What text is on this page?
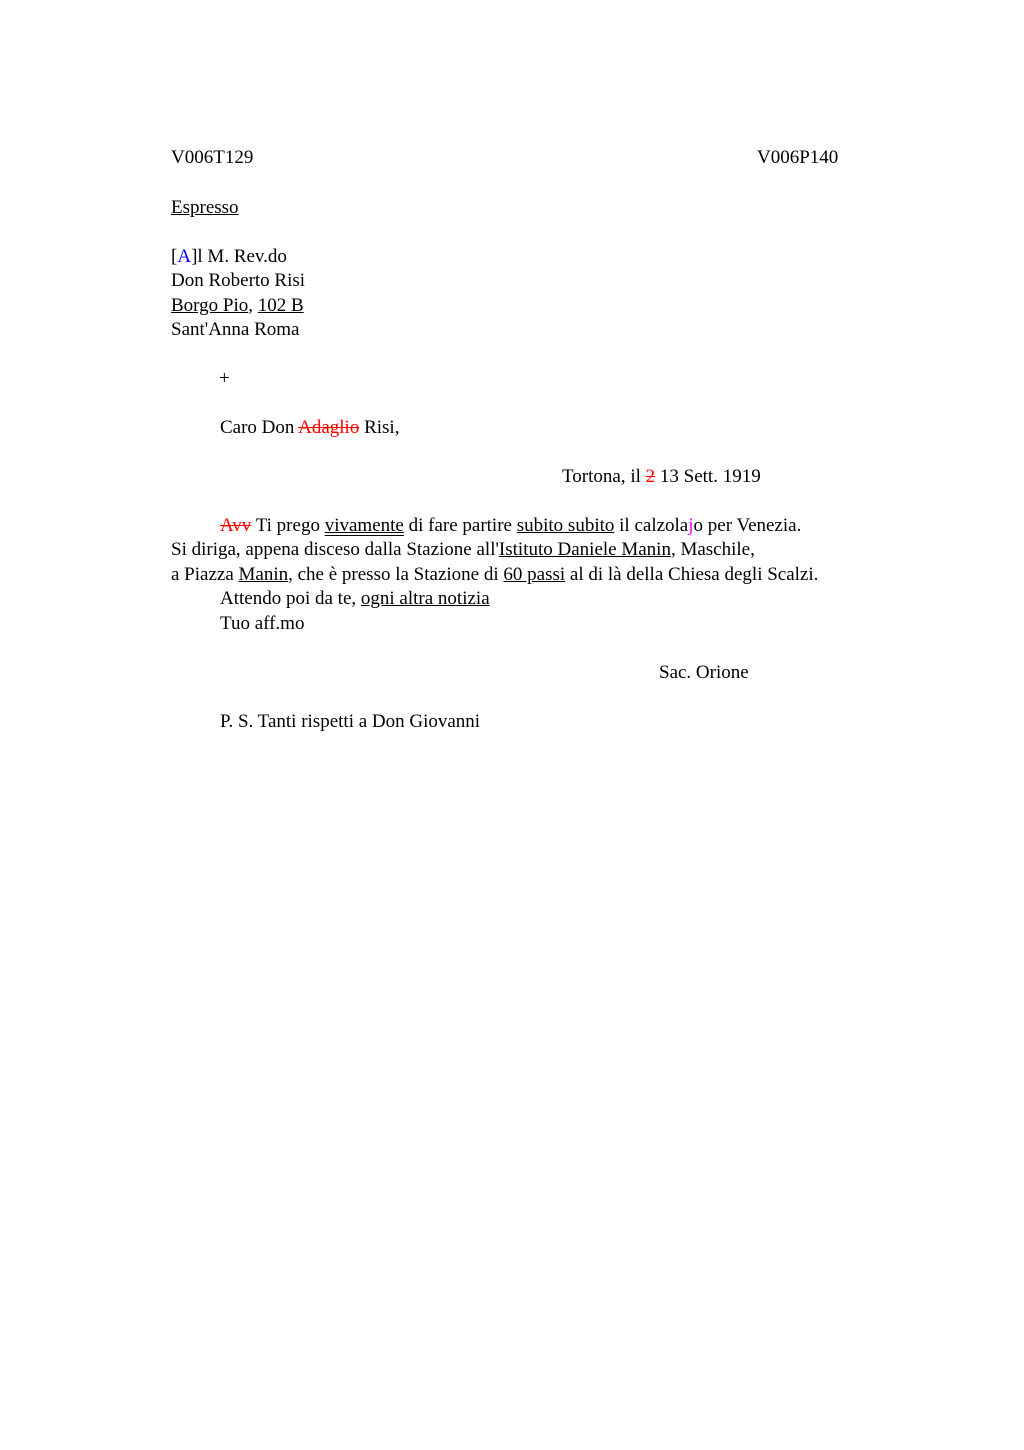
V006T129	V006P140
Espresso
[A]l M. Rev.do
Don Roberto Risi
Borgo Pio, 102 B
Sant'Anna Roma
+
Caro Don Adaglio Risi,
Tortona, il 2 13 Sett. 1919
Avv Ti prego vivamente di fare partire subito subito il calzolajo per Venezia.
Si diriga, appena disceso dalla Stazione all'Istituto Daniele Manin, Maschile,
a Piazza Manin, che è presso la Stazione di 60 passi al di là della Chiesa degli Scalzi.
Attendo poi da te, ogni altra notizia
Tuo aff.mo
Sac. Orione
P. S. Tanti rispetti a Don Giovanni
